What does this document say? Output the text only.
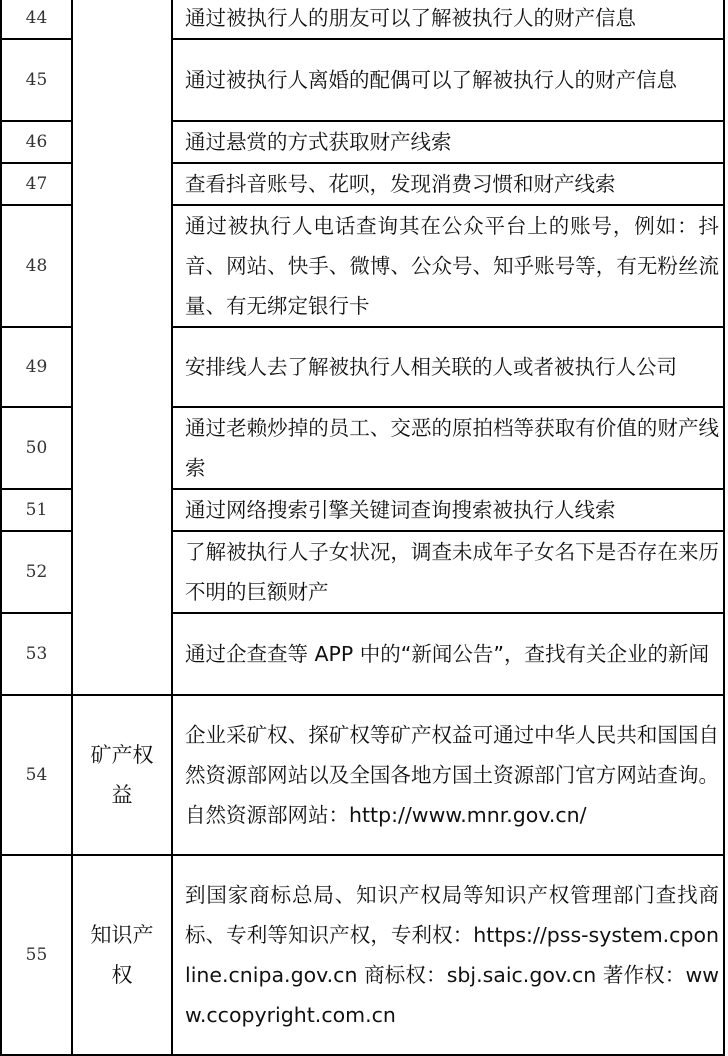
44		通过被执行人的朋友可以了解被执行人的财产信息
45		通过被执行人离婚的配偶可以了解被执行人的财产信息
46		通过悬赏的方式获取财产线索
47		查看抖音账号、花呗，发现消费习惯和财产线索
48		通过被执行人电话查询其在公众平台上的账号，例如：抖音、网站、快手、微博、公众号、知乎账号等，有无粉丝流量、有无绑定银行卡
49		安排线人去了解被执行人相关联的人或者被执行人公司
50		通过老赖炒掉的员工、交恶的原拍档等获取有价值的财产线索
51		通过网络搜索引擎关键词查询搜索被执行人线索
52		了解被执行人子女状况，调查未成年子女名下是否存在来历不明的巨额财产
53		通过企查查等 APP 中的“新闻公告”，查找有关企业的新闻
54	矿产权益	企业采矿权、探矿权等矿产权益可通过中华人民共和国国自然资源部网站以及全国各地方国土资源部门官方网站查询。自然资源部网站：http://www.mnr.gov.cn/
55	知识产权	到国家商标总局、知识产权局等知识产权管理部门查找商标、专利等知识产权，专利权：https://pss-system.cponline.cnipa.gov.cn 商标权：sbj.saic.gov.cn 著作权：www.ccopyright.com.cn
